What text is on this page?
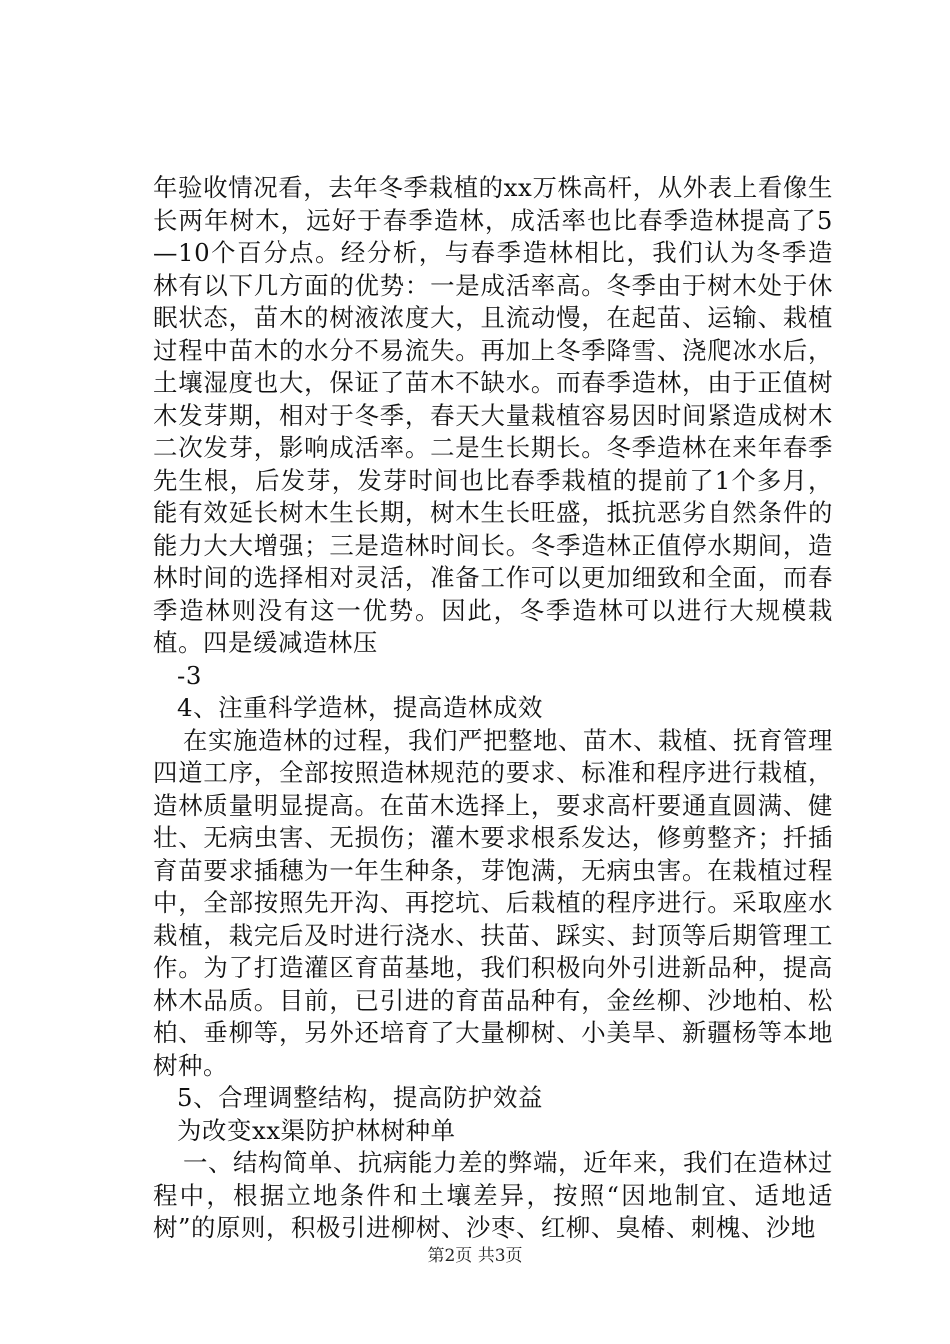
年验收情况看，去年冬季栽植的xx万株高杆，从外表上看像生长两年树木，远好于春季造林，成活率也比春季造林提高了5—10个百分点。经分析，与春季造林相比，我们认为冬季造林有以下几方面的优势：一是成活率高。冬季由于树木处于休眠状态，苗木的树液浓度大，且流动慢，在起苗、运输、栽植过程中苗木的水分不易流失。再加上冬季降雪、浇爬冰水后，土壤湿度也大，保证了苗木不缺水。而春季造林，由于正值树木发芽期，相对于冬季，春天大量栽植容易因时间紧造成树木二次发芽，影响成活率。二是生长期长。冬季造林在来年春季先生根，后发芽，发芽时间也比春季栽植的提前了1个多月，能有效延长树木生长期，树木生长旺盛，抵抗恶劣自然条件的能力大大增强；三是造林时间长。冬季造林正值停水期间，造林时间的选择相对灵活，准备工作可以更加细致和全面，而春季造林则没有这一优势。因此，冬季造林可以进行大规模栽植。四是缓减造林压

-3

4、注重科学造林，提高造林成效

在实施造林的过程，我们严把整地、苗木、栽植、抚育管理四道工序，全部按照造林规范的要求、标准和程序进行栽植，造林质量明显提高。在苗木选择上，要求高杆要通直圆满、健壮、无病虫害、无损伤；灌木要求根系发达，修剪整齐；扦插育苗要求插穗为一年生种条，芽饱满，无病虫害。在栽植过程中，全部按照先开沟、再挖坑、后栽植的程序进行。采取座水栽植，栽完后及时进行浇水、扶苗、踩实、封顶等后期管理工作。为了打造灌区育苗基地，我们积极向外引进新品种，提高林木品质。目前，已引进的育苗品种有，金丝柳、沙地柏、松柏、垂柳等，另外还培育了大量柳树、小美旱、新疆杨等本地树种。

5、合理调整结构，提高防护效益

为改变xx渠防护林树种单

一、结构简单、抗病能力差的弊端，近年来，我们在造林过程中，根据立地条件和土壤差异，按照“因地制宜、适地适树”的原则，积极引进柳树、沙枣、红柳、臭椿、刺槐、沙地

第2页 共3页
